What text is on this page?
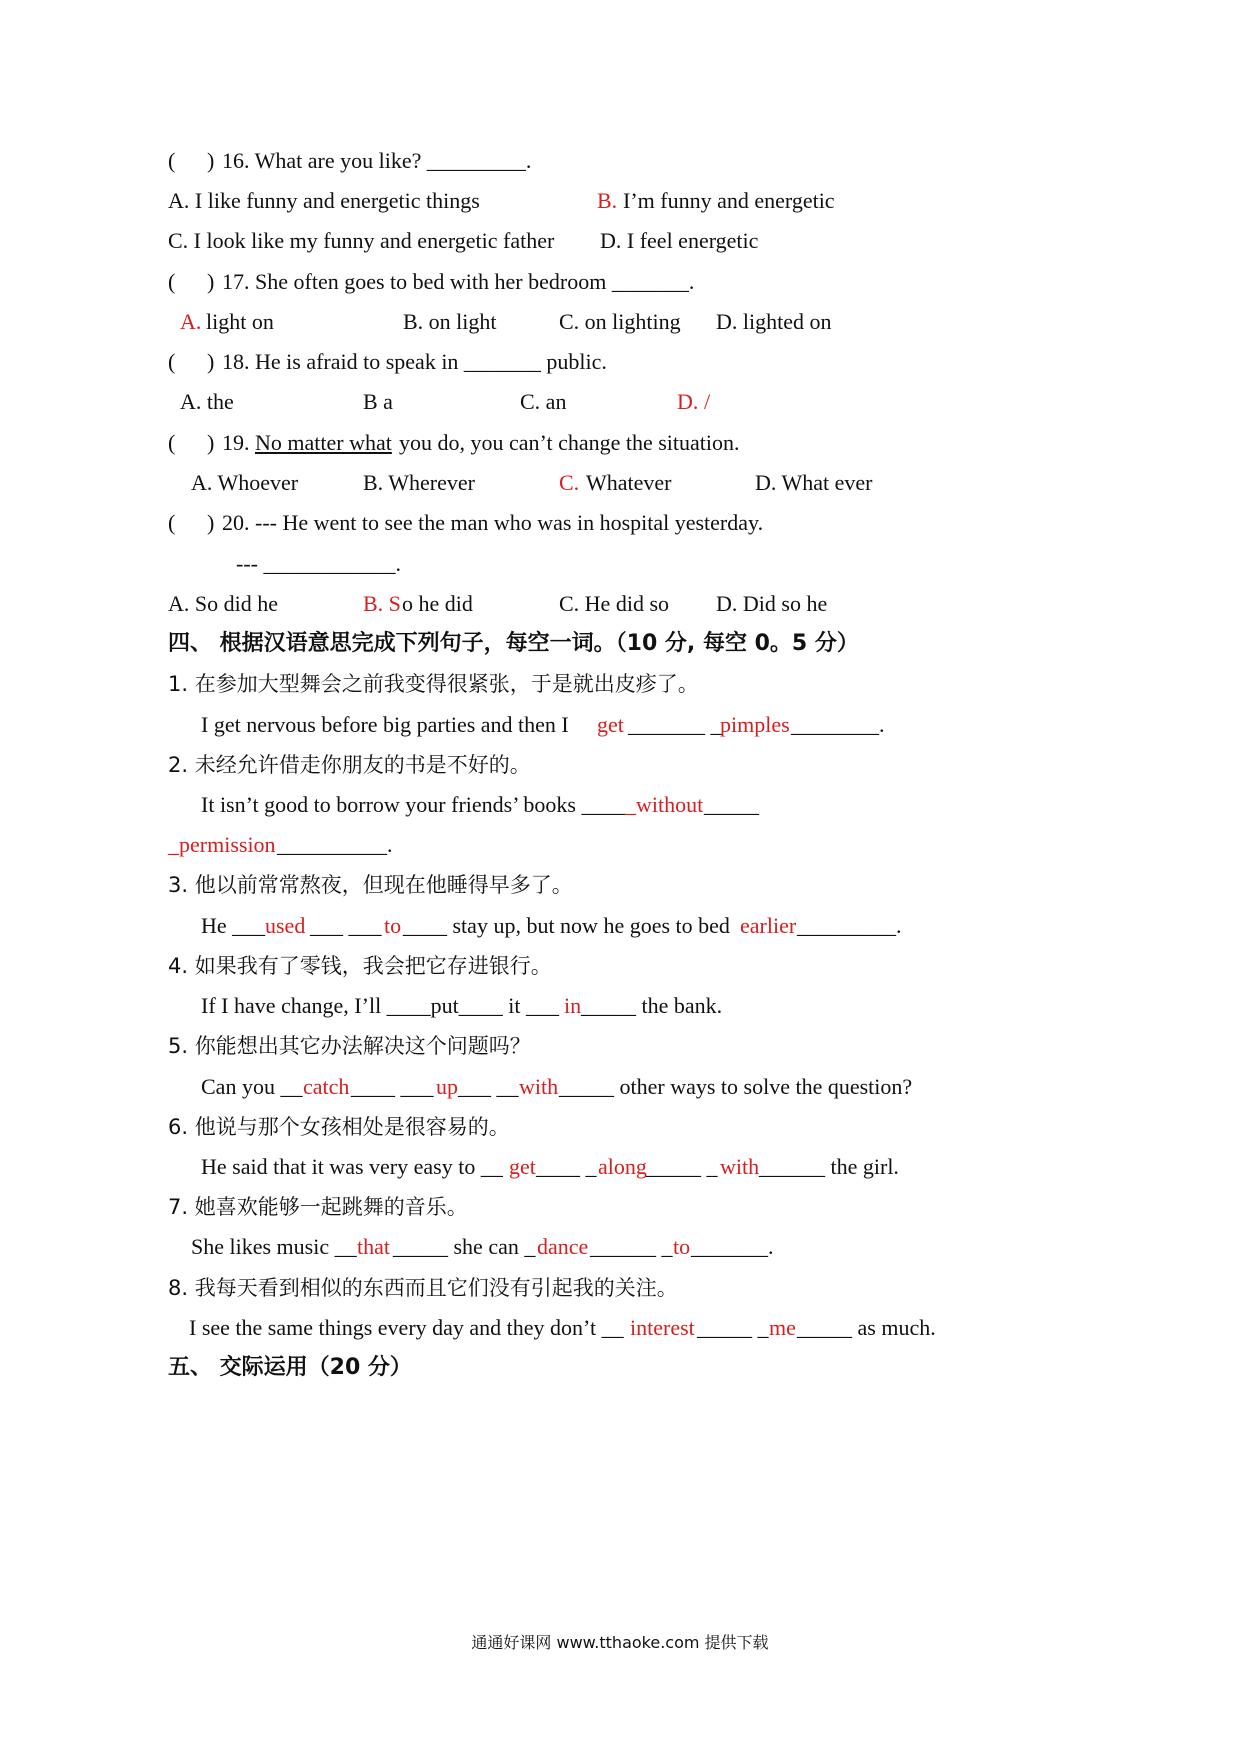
( ) 16. What are you like? _________.
A. I like funny and energetic things	B. I’m funny and energetic
C. I look like my funny and energetic father D. I feel energetic
( ) 17. She often goes to bed with her bedroom _______.
A. light on	B. on light	C. on lighting D. lighted on
( ) 18. He is afraid to speak in _______ public.
A. the	B a	C. an	D. /
( ) 19. No matter what you do, you can’t change the situation.
A. Whoever	B. Wherever	C. Whatever	D. What ever
( ) 20. --- He went to see the man who was in hospital yesterday.
--- ____________.
A. So did he	B. S o he did	C. He did so D. Did so he
四、 根据汉语意思完成下列句子，每空一词。（10 分, 每空 0。5 分）
1. 在参加大型舞会之前我变得很紧张，于是就出皮疹了。
I get nervous before big parties and then I get _______ _
pimples ________.
2. 未经允许借走你朋友的书是不好的。
It isn’t good to borrow your friends’ books ____ _without _____
_permission __________.
3. 他以前常常熬夜，但现在他睡得早多了。
He ___ used ___ ___ to ____ stay up, but now he goes to bed earlier _________.
4. 如果我有了零钱，我会把它存进银行。
If I have change, I’ll ____put____ it ___ in _____ the bank.
5. 你能想出其它办法解决这个问题吗？
Can you __ catch ____ ___ up ___ __ with _____ other ways to solve the question?
6. 他说与那个女孩相处是很容易的。
He said that it was very easy to __ get ____ _ along _____ _ with ______ the girl.
7. 她喜欢能够一起跳舞的音乐。
She likes music __ that _____ she can _ dance ______ _ to _______.
8. 我每天看到相似的东西而且它们没有引起我的关注。
I see the same things every day and they don’t __ interest _____ _ me _____ as much.
五、 交际运用（20 分）
通通好课网 www.tthaoke.com 提供下载
